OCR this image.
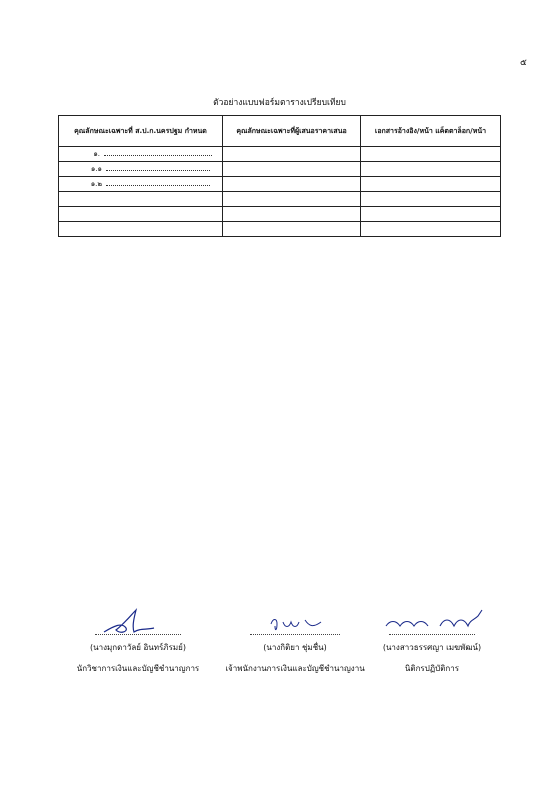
๕
ตัวอย่างแบบฟอร์มตารางเปรียบเทียบ
คุณลักษณะเฉพาะที่ ส.ป.ก.นครปฐม กำหนด	คุณลักษณะเฉพาะที่ผู้เสนอราคาเสนอ	เอกสารอ้างอิง/หน้า แค็ตตาล็อก/หน้า
๑.		
๑.๑		
๑.๒		

(นางมุกดาวัลย์ อินทร์ภิรมย์)
นักวิชาการเงินและบัญชีชำนาญการ
(นางกิติยา ชุ่มชื่น)
เจ้าพนักงานการเงินและบัญชีชำนาญงาน
(นางสาวธรรศญา เมฆพัฒน์)
นิติกรปฏิบัติการ
